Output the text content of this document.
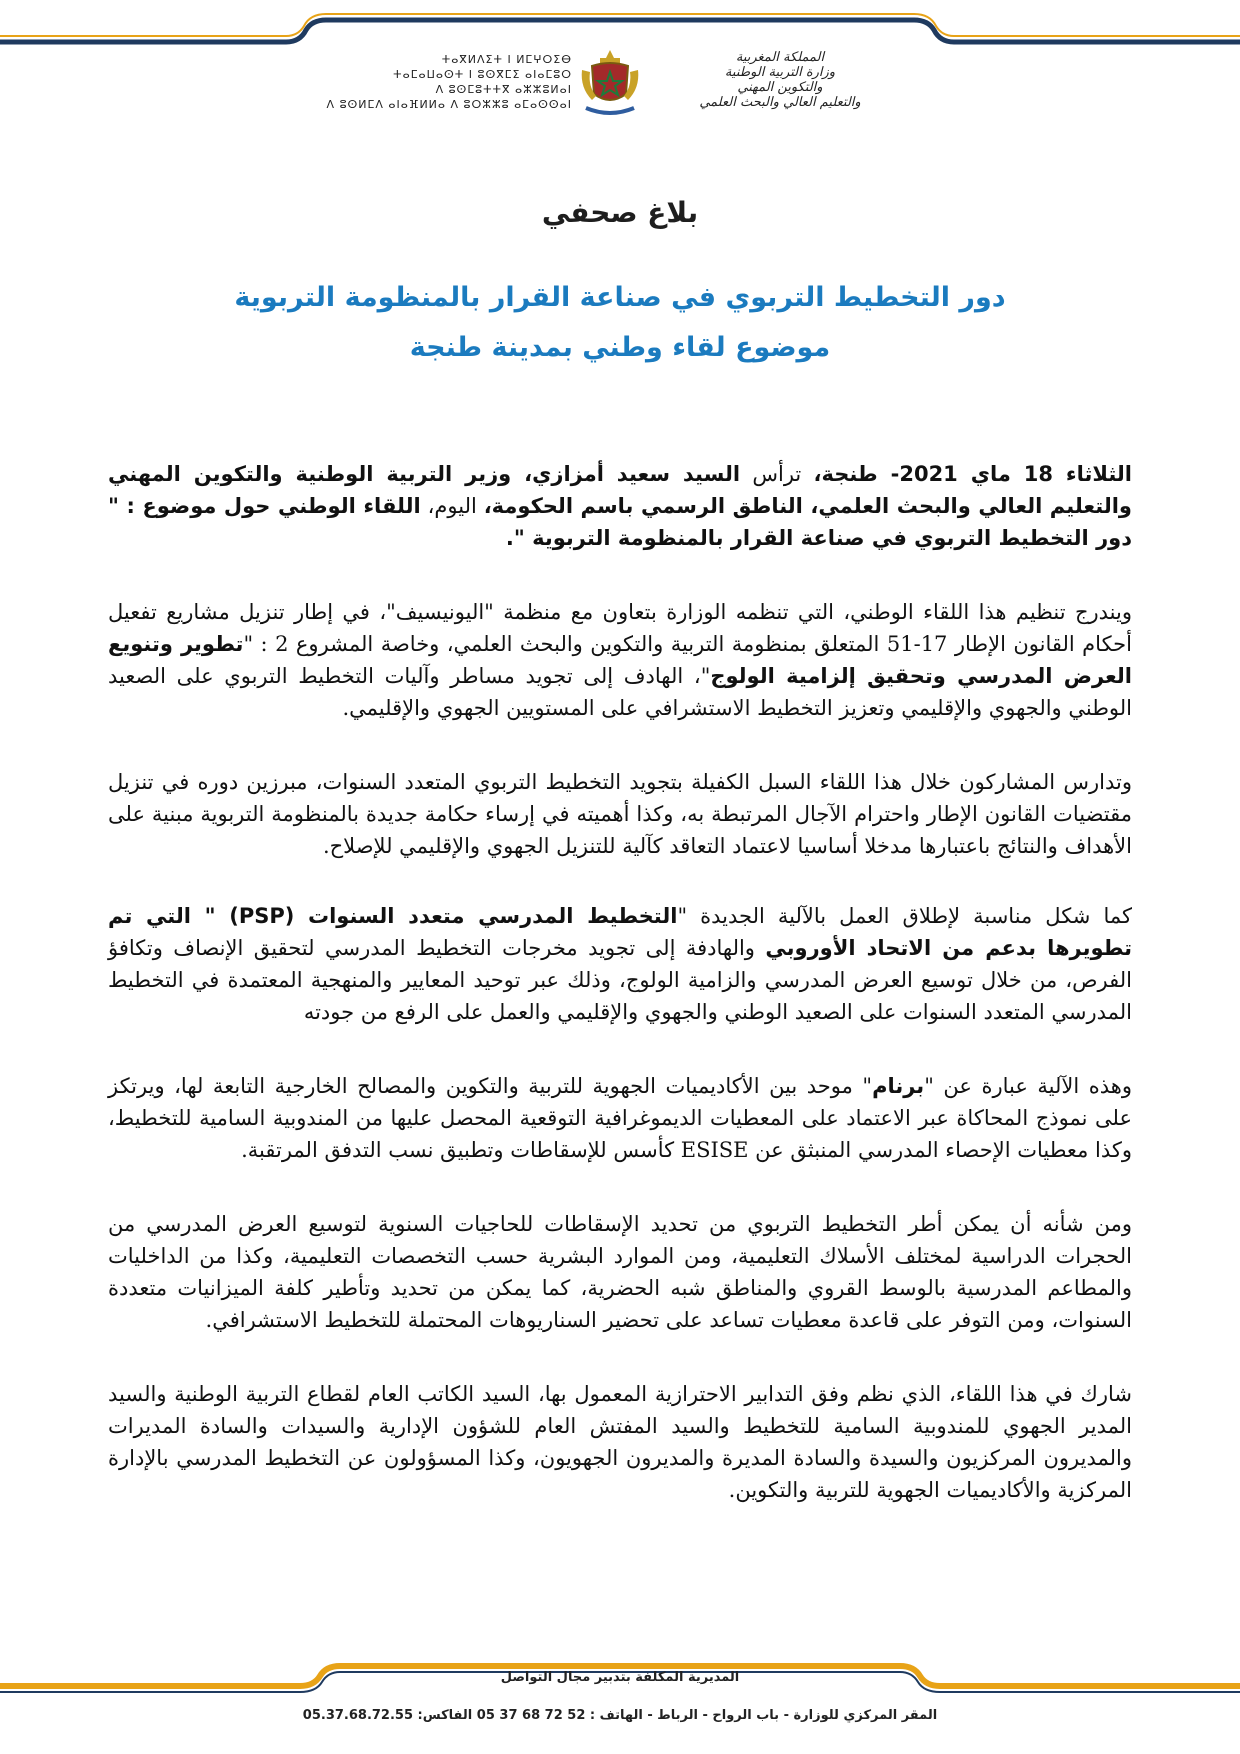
ⵜⴰⴳⵍⴷⵉⵜ ⵏ ⵍⵎⵖⵔⵉⴱ
ⵜⴰⵎⴰⵡⴰⵙⵜ ⵏ ⵓⵙⴳⵎⵉ ⴰⵏⴰⵎⵓⵔ
ⴷ ⵓⵙⵎⵓⵜⵜⴳ ⴰⵣⵣⵓⵍⴰⵏ
ⴷ ⵓⵙⵍⵎⴷ ⴰⵏⴰⴼⵍⵍⴰ ⴷ ⵓⵔⵣⵣⵓ ⴰⵎⴰⵙⵙⴰⵏ
المملكة المغربية
وزارة التربية الوطنية
والتكوين المهني
والتعليم العالي والبحث العلمي
بلاغ صحفي
دور التخطيط التربوي في صناعة القرار بالمنظومة التربوية
موضوع لقاء وطني بمدينة طنجة
الثلاثاء 18 ماي 2021- طنجة، ترأس السيد سعيد أمزازي، وزير التربية الوطنية والتكوين المهني والتعليم العالي والبحث العلمي، الناطق الرسمي باسم الحكومة، اليوم، اللقاء الوطني حول موضوع : " دور التخطيط التربوي في صناعة القرار بالمنظومة التربوية ".
ويندرج تنظيم هذا اللقاء الوطني، التي تنظمه الوزارة بتعاون مع منظمة "اليونيسيف"، في إطار تنزيل مشاريع تفعيل أحكام القانون الإطار 17-51 المتعلق بمنظومة التربية والتكوين والبحث العلمي، وخاصة المشروع 2 : "تطوير وتنويع العرض المدرسي وتحقيق إلزامية الولوج"، الهادف إلى تجويد مساطر وآليات التخطيط التربوي على الصعيد الوطني والجهوي والإقليمي وتعزيز التخطيط الاستشرافي على المستويين الجهوي والإقليمي.
وتدارس المشاركون خلال هذا اللقاء السبل الكفيلة بتجويد التخطيط التربوي المتعدد السنوات، مبرزين دوره في تنزيل مقتضيات القانون الإطار واحترام الآجال المرتبطة به، وكذا أهميته في إرساء حكامة جديدة بالمنظومة التربوية مبنية على الأهداف والنتائج باعتبارها مدخلا أساسيا لاعتماد التعاقد كآلية للتنزيل الجهوي والإقليمي للإصلاح.
كما شكل مناسبة لإطلاق العمل بالآلية الجديدة "التخطيط المدرسي متعدد السنوات (PSP) " التي تم تطويرها بدعم من الاتحاد الأوروبي والهادفة إلى تجويد مخرجات التخطيط المدرسي لتحقيق الإنصاف وتكافؤ الفرص، من خلال توسيع العرض المدرسي والزامية الولوج، وذلك عبر توحيد المعايير والمنهجية المعتمدة في التخطيط المدرسي المتعدد السنوات على الصعيد الوطني والجهوي والإقليمي والعمل على الرفع من جودته
وهذه الآلية عبارة عن "برنام" موحد بين الأكاديميات الجهوية للتربية والتكوين والمصالح الخارجية التابعة لها، ويرتكز على نموذج المحاكاة عبر الاعتماد على المعطيات الديموغرافية التوقعية المحصل عليها من المندوبية السامية للتخطيط، وكذا معطيات الإحصاء المدرسي المنبثق عن ESISE كأسس للإسقاطات وتطبيق نسب التدفق المرتقبة.
ومن شأنه أن يمكن أطر التخطيط التربوي من تحديد الإسقاطات للحاجيات السنوية لتوسيع العرض المدرسي من الحجرات الدراسية لمختلف الأسلاك التعليمية، ومن الموارد البشرية حسب التخصصات التعليمية، وكذا من الداخليات والمطاعم المدرسية بالوسط القروي والمناطق شبه الحضرية، كما يمكن من تحديد وتأطير كلفة الميزانيات متعددة السنوات، ومن التوفر على قاعدة معطيات تساعد على تحضير السناريوهات المحتملة للتخطيط الاستشرافي.
شارك في هذا اللقاء، الذي نظم وفق التدابير الاحترازية المعمول بها، السيد الكاتب العام لقطاع التربية الوطنية والسيد المدير الجهوي للمندوبية السامية للتخطيط والسيد المفتش العام للشؤون الإدارية والسيدات والسادة المديرات والمديرون المركزيون والسيدة والسادة المديرة والمديرون الجهويون، وكذا المسؤولون عن التخطيط المدرسي بالإدارة المركزية والأكاديميات الجهوية للتربية والتكوين.
المديرية المكلفة بتدبير مجال التواصل
المقر المركزي للوزارة - باب الرواح - الرباط - الهاتف : 52 72 68 37 05 الفاكس: 05.37.68.72.55
